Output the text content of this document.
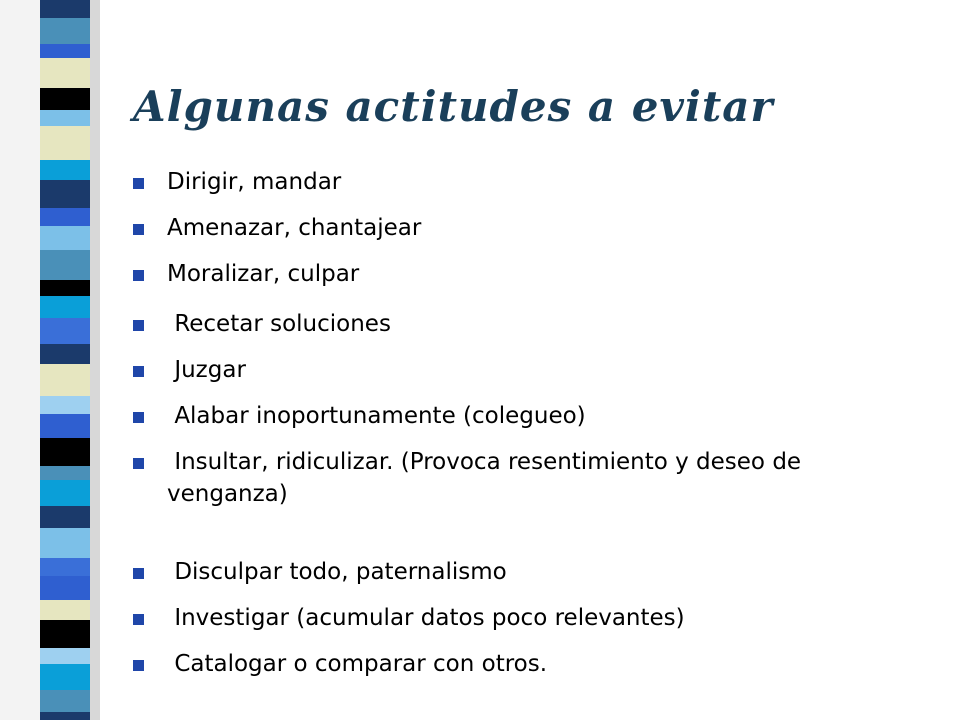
Algunas actitudes a evitar
Dirigir, mandar
Amenazar, chantajear
Moralizar, culpar
Recetar soluciones
Juzgar
Alabar inoportunamente (colegueo)
Insultar, ridiculizar. (Provoca resentimiento y deseo de venganza)
Disculpar todo, paternalismo
Investigar (acumular datos poco relevantes)
Catalogar o comparar con otros.
